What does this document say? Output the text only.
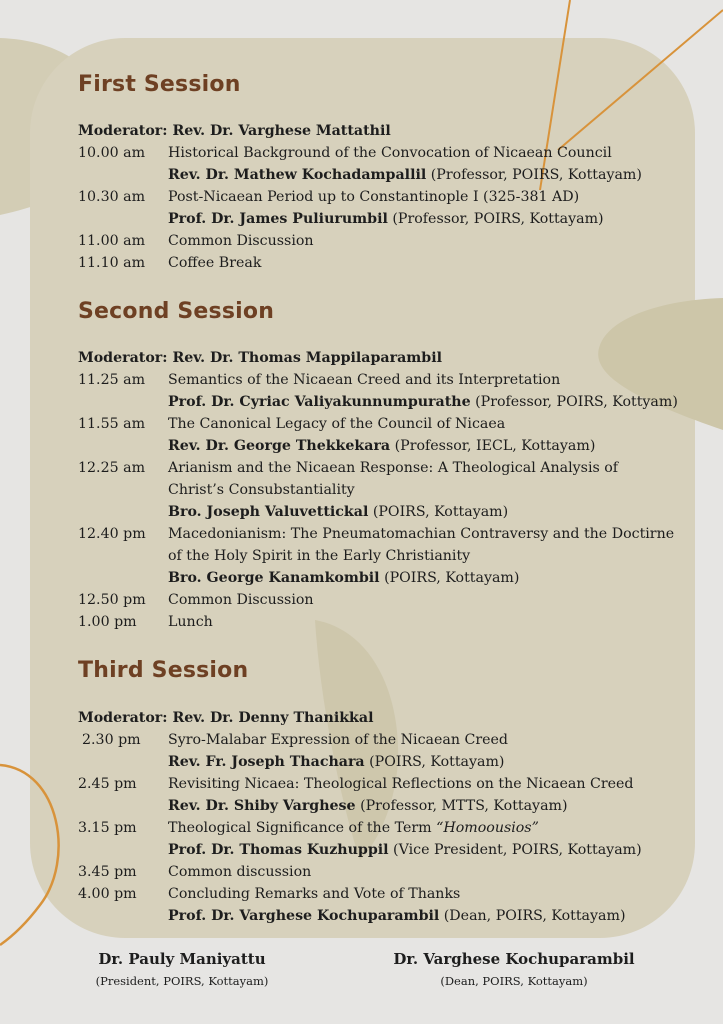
First Session
Moderator: Rev. Dr. Varghese Mattathil
10.00 am Historical Background of the Convocation of Nicaean Council
Rev. Dr. Mathew Kochadampallil (Professor, POIRS, Kottayam)
10.30 am Post-Nicaean Period up to Constantinople I (325-381 AD)
Prof. Dr. James Puliurumbil (Professor, POIRS, Kottayam)
11.00 am Common Discussion
11.10 am Coffee Break
Second Session
Moderator: Rev. Dr. Thomas Mappilaparambil
11.25 am Semantics of the Nicaean Creed and its Interpretation
Prof. Dr. Cyriac Valiyakunnumpurathe (Professor, POIRS, Kottyam)
11.55 am The Canonical Legacy of the Council of Nicaea
Rev. Dr. George Thekkekara (Professor, IECL, Kottayam)
12.25 am Arianism and the Nicaean Response: A Theological Analysis of
Christ’s Consubstantiality
Bro. Joseph Valuvettickal (POIRS, Kottayam)
12.40 pm Macedonianism: The Pneumatomachian Contraversy and the Doctirne
of the Holy Spirit in the Early Christianity
Bro. George Kanamkombil (POIRS, Kottayam)
12.50 pm Common Discussion
1.00 pm Lunch
Third Session
Moderator: Rev. Dr. Denny Thanikkal
2.30 pm Syro-Malabar Expression of the Nicaean Creed
Rev. Fr. Joseph Thachara (POIRS, Kottayam)
2.45 pm Revisiting Nicaea: Theological Reflections on the Nicaean Creed
Rev. Dr. Shiby Varghese (Professor, MTTS, Kottayam)
3.15 pm Theological Significance of the Term “Homoousios”
Prof. Dr. Thomas Kuzhuppil (Vice President, POIRS, Kottayam)
3.45 pm Common discussion
4.00 pm Concluding Remarks and Vote of Thanks
Prof. Dr. Varghese Kochuparambil (Dean, POIRS, Kottayam)
Dr. Pauly Maniyattu
(President, POIRS, Kottayam)
Dr. Varghese Kochuparambil
(Dean, POIRS, Kottayam)
